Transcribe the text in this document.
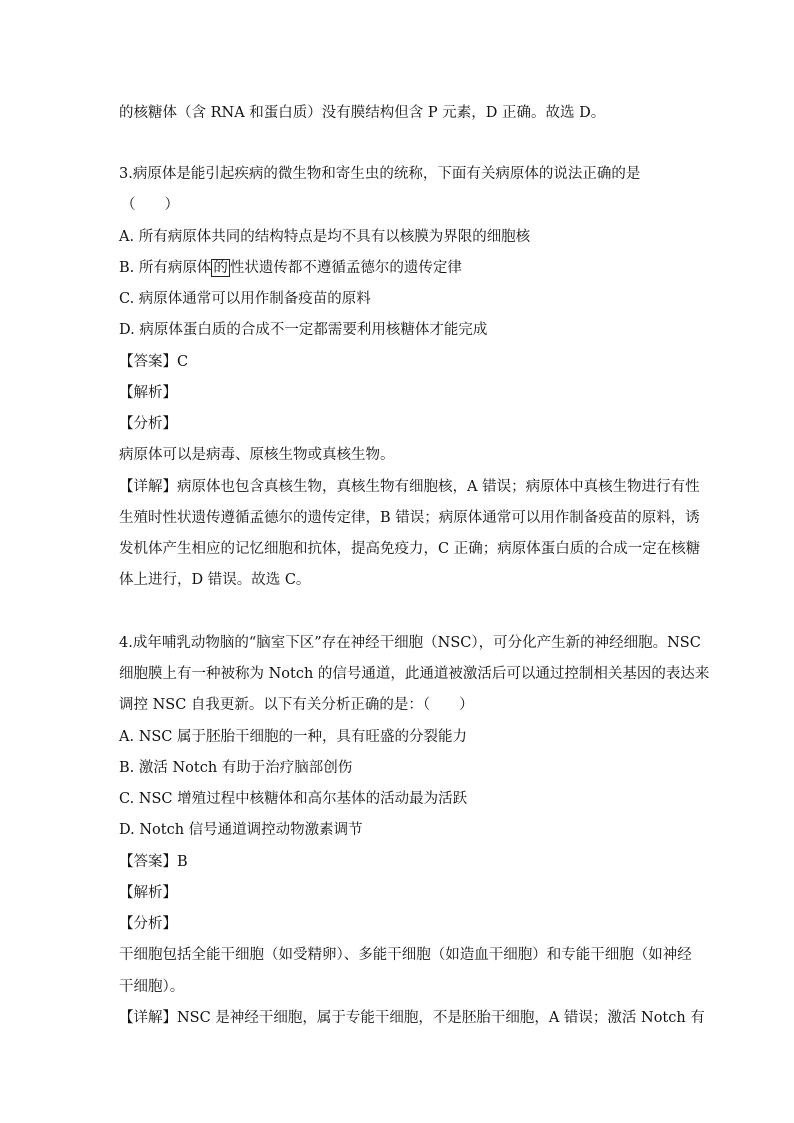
的核糖体（含 RNA 和蛋白质）没有膜结构但含 P 元素，D 正确。故选 D。
3.病原体是能引起疾病的微生物和寄生虫的统称，下面有关病原体的说法正确的是
（　　）
A. 所有病原体共同的结构特点是均不具有以核膜为界限的细胞核
B. 所有病原体 的 性状遗传都不遵循孟德尔的遗传定律
C. 病原体通常可以用作制备疫苗的原料
D. 病原体蛋白质的合成不一定都需要利用核糖体才能完成
【答案】C
【解析】
【分析】
病原体可以是病毒、原核生物或真核生物。
【详解】病原体也包含真核生物，真核生物有细胞核，A 错误；病原体中真核生物进行有性
生殖时性状遗传遵循孟德尔的遗传定律，B 错误；病原体通常可以用作制备疫苗的原料，诱
发机体产生相应的记忆细胞和抗体，提高免疫力，C 正确；病原体蛋白质的合成一定在核糖
体上进行，D 错误。故选 C。
4.成年哺乳动物脑的“脑室下区”存在神经干细胞（NSC），可分化产生新的神经细胞。NSC
细胞膜上有一种被称为 Notch 的信号通道，此通道被激活后可以通过控制相关基因的表达来
调控 NSC 自我更新。以下有关分析正确的是：（　　）
A. NSC 属于胚胎干细胞的一种，具有旺盛的分裂能力
B. 激活 Notch 有助于治疗脑部创伤
C. NSC 增殖过程中核糖体和高尔基体的活动最为活跃
D. Notch 信号通道调控动物激素调节
【答案】B
【解析】
【分析】
干细胞包括全能干细胞（如受精卵）、多能干细胞（如造血干细胞）和专能干细胞（如神经
干细胞）。
【详解】NSC 是神经干细胞，属于专能干细胞，不是胚胎干细胞，A 错误；激活 Notch 有
